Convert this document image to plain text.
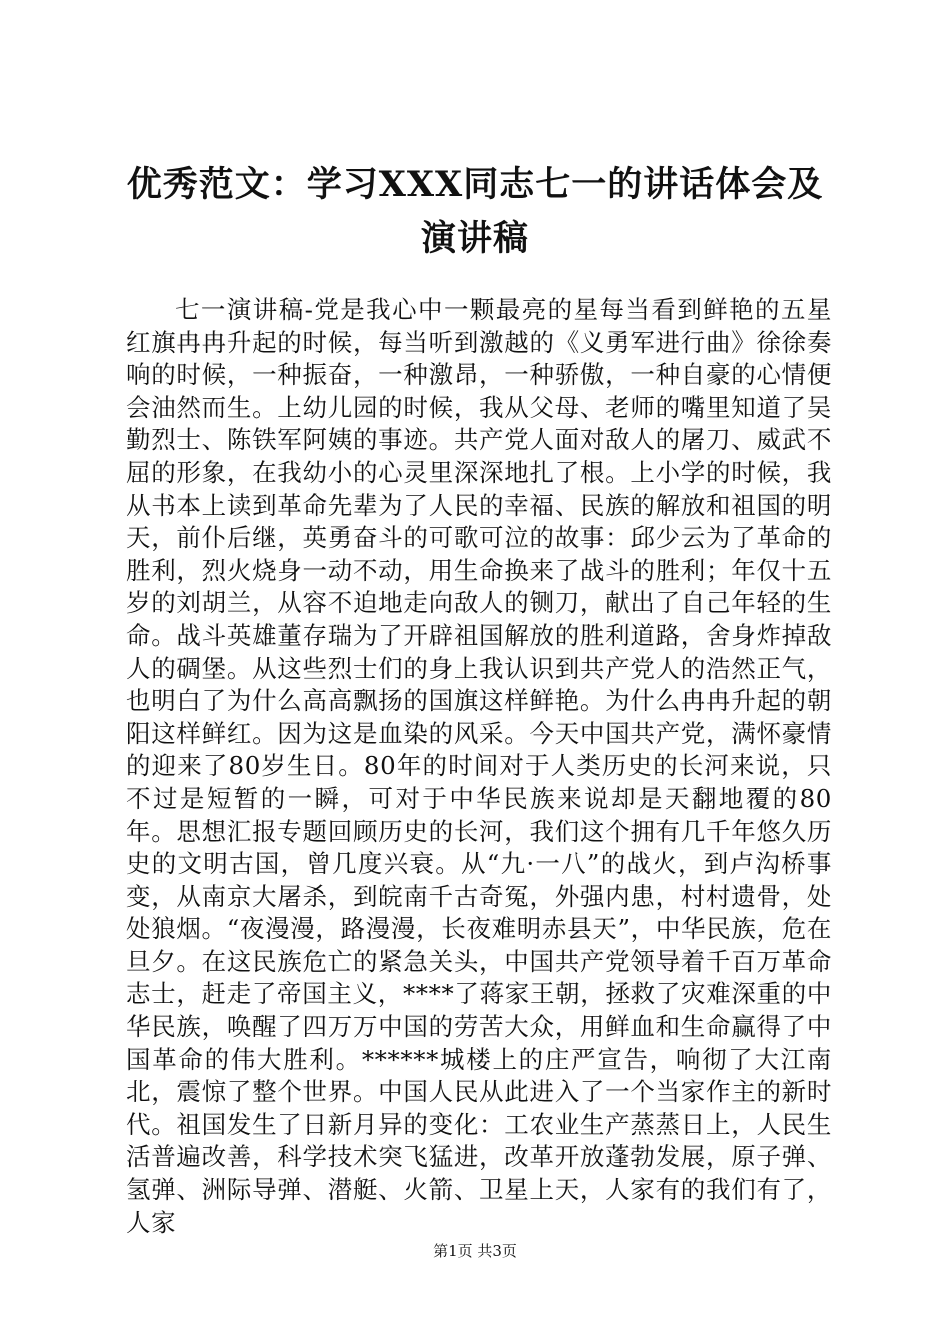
优秀范文：学习XXX同志七一的讲话体会及演讲稿

七一演讲稿-党是我心中一颗最亮的星每当看到鲜艳的五星红旗冉冉升起的时候，每当听到激越的《义勇军进行曲》徐徐奏响的时候，一种振奋，一种激昂，一种骄傲，一种自豪的心情便会油然而生。上幼儿园的时候，我从父母、老师的嘴里知道了吴勤烈士、陈铁军阿姨的事迹。共产党人面对敌人的屠刀、威武不屈的形象，在我幼小的心灵里深深地扎了根。上小学的时候，我从书本上读到革命先辈为了人民的幸福、民族的解放和祖国的明天，前仆后继，英勇奋斗的可歌可泣的故事：邱少云为了革命的胜利，烈火烧身一动不动，用生命换来了战斗的胜利；年仅十五岁的刘胡兰，从容不迫地走向敌人的铡刀，献出了自己年轻的生命。战斗英雄董存瑞为了开辟祖国解放的胜利道路，舍身炸掉敌人的碉堡。从这些烈士们的身上我认识到共产党人的浩然正气，也明白了为什么高高飘扬的国旗这样鲜艳。为什么冉冉升起的朝阳这样鲜红。因为这是血染的风采。今天中国共产党，满怀豪情的迎来了80岁生日。80年的时间对于人类历史的长河来说，只不过是短暂的一瞬，可对于中华民族来说却是天翻地覆的80年。思想汇报专题回顾历史的长河，我们这个拥有几千年悠久历史的文明古国，曾几度兴衰。从“九·一八”的战火，到卢沟桥事变，从南京大屠杀，到皖南千古奇冤，外强内患，村村遗骨，处处狼烟。“夜漫漫，路漫漫，长夜难明赤县天”，中华民族，危在旦夕。在这民族危亡的紧急关头，中国共产党领导着千百万革命志士，赶走了帝国主义，****了蒋家王朝，拯救了灾难深重的中华民族，唤醒了四万万中国的劳苦大众，用鲜血和生命赢得了中国革命的伟大胜利。******城楼上的庄严宣告，响彻了大江南北，震惊了整个世界。中国人民从此进入了一个当家作主的新时代。祖国发生了日新月异的变化：工农业生产蒸蒸日上，人民生活普遍改善，科学技术突飞猛进，改革开放蓬勃发展，原子弹、氢弹、洲际导弹、潜艇、火箭、卫星上天，人家有的我们有了，人家

第1页 共3页
